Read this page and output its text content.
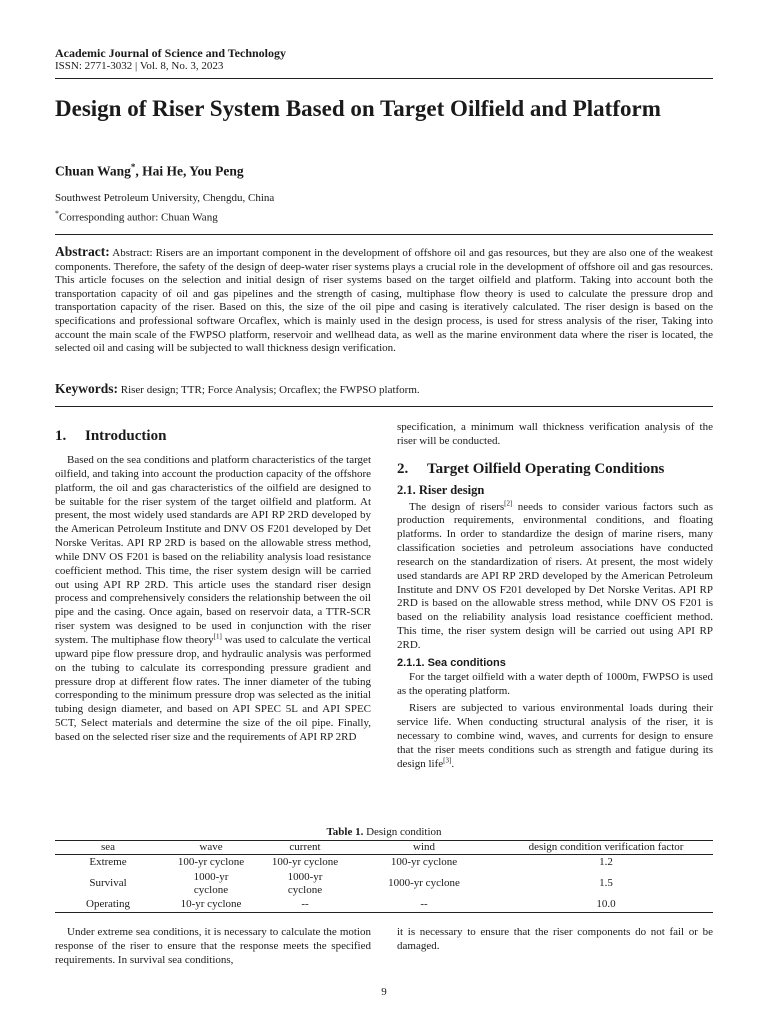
Academic Journal of Science and Technology
ISSN: 2771-3032 | Vol. 8, No. 3, 2023
Design of Riser System Based on Target Oilfield and Platform
Chuan Wang*, Hai He, You Peng
Southwest Petroleum University, Chengdu, China
*Corresponding author: Chuan Wang
Abstract: Abstract: Risers are an important component in the development of offshore oil and gas resources, but they are also one of the weakest components. Therefore, the safety of the design of deep-water riser systems plays a crucial role in the development of offshore oil and gas resources. This article focuses on the selection and initial design of riser systems based on the target oilfield and platform. Taking into account both the transportation capacity of oil and gas pipelines and the strength of casing, multiphase flow theory is used to calculate the pressure drop and transportation capacity of the riser. Based on this, the size of the oil pipe and casing is iteratively calculated. The riser design is based on the specifications and professional software Orcaflex, which is mainly used in the design process, is used for stress analysis of the riser, Taking into account the main scale of the FWPSO platform, reservoir and wellhead data, as well as the marine environment data where the riser is located, the selected oil and casing will be subjected to wall thickness design verification.
Keywords: Riser design; TTR; Force Analysis; Orcaflex; the FWPSO platform.
1. Introduction

Based on the sea conditions and platform characteristics of the target oilfield, and taking into account the production capacity of the offshore platform, the oil and gas characteristics of the oilfield are designed to be suitable for the riser system of the target oilfield and platform. At present, the most widely used standards are API RP 2RD developed by the American Petroleum Institute and DNV OS F201 developed by Det Norske Veritas. API RP 2RD is based on the allowable stress method, while DNV OS F201 is based on the reliability analysis load resistance coefficient method. This time, the riser system design will be carried out using API RP 2RD. This article uses the standard riser design process and comprehensively considers the relationship between the oil pipe and the casing. Once again, based on reservoir data, a TTR-SCR riser system was designed to be used in conjunction with the riser system. The multiphase flow theory[1] was used to calculate the vertical upward pipe flow pressure drop, and hydraulic analysis was performed on the tubing to calculate its corresponding pressure gradient and pressure drop at different flow rates. The inner diameter of the tubing corresponding to the minimum pressure drop was selected as the initial tubing design diameter, and based on API SPEC 5L and API SPEC 5CT, Select materials and determine the size of the oil pipe. Finally, based on the selected riser size and the requirements of API RP 2RD

specification, a minimum wall thickness verification analysis of the riser will be conducted.
2. Target Oilfield Operating Conditions
2.1. Riser design

The design of risers[2] needs to consider various factors such as production requirements, environmental conditions, and floating platforms. In order to standardize the design of marine risers, many classification societies and petroleum associations have conducted research on the standardization of risers. At present, the most widely used standards are API RP 2RD developed by the American Petroleum Institute and DNV OS F201 developed by Det Norske Veritas. API RP 2RD is based on the allowable stress method, while DNV OS F201 is based on the reliability analysis load resistance coefficient method. This time, the riser system design will be carried out using API RP 2RD.

2.1.1. Sea conditions

For the target oilfield with a water depth of 1000m, FWPSO is used as the operating platform.

Risers are subjected to various environmental loads during their service life. When conducting structural analysis of the riser, it is necessary to combine wind, waves, and currents for design to ensure that the riser meets conditions such as strength and fatigue during its design life[3].

Table 1. Design condition
sea	wave	current	wind	design condition verification factor
Extreme	100-yr cyclone	100-yr cyclone	100-yr cyclone	1.2
Survival	1000-yr cyclone	1000-yr cyclone	1000-yr cyclone	1.5
Operating	10-yr cyclone	--	--	10.0

Under extreme sea conditions, it is necessary to calculate the motion response of the riser to ensure that the response meets the specified requirements. In survival sea conditions,

it is necessary to ensure that the riser components do not fail or be damaged.
9
